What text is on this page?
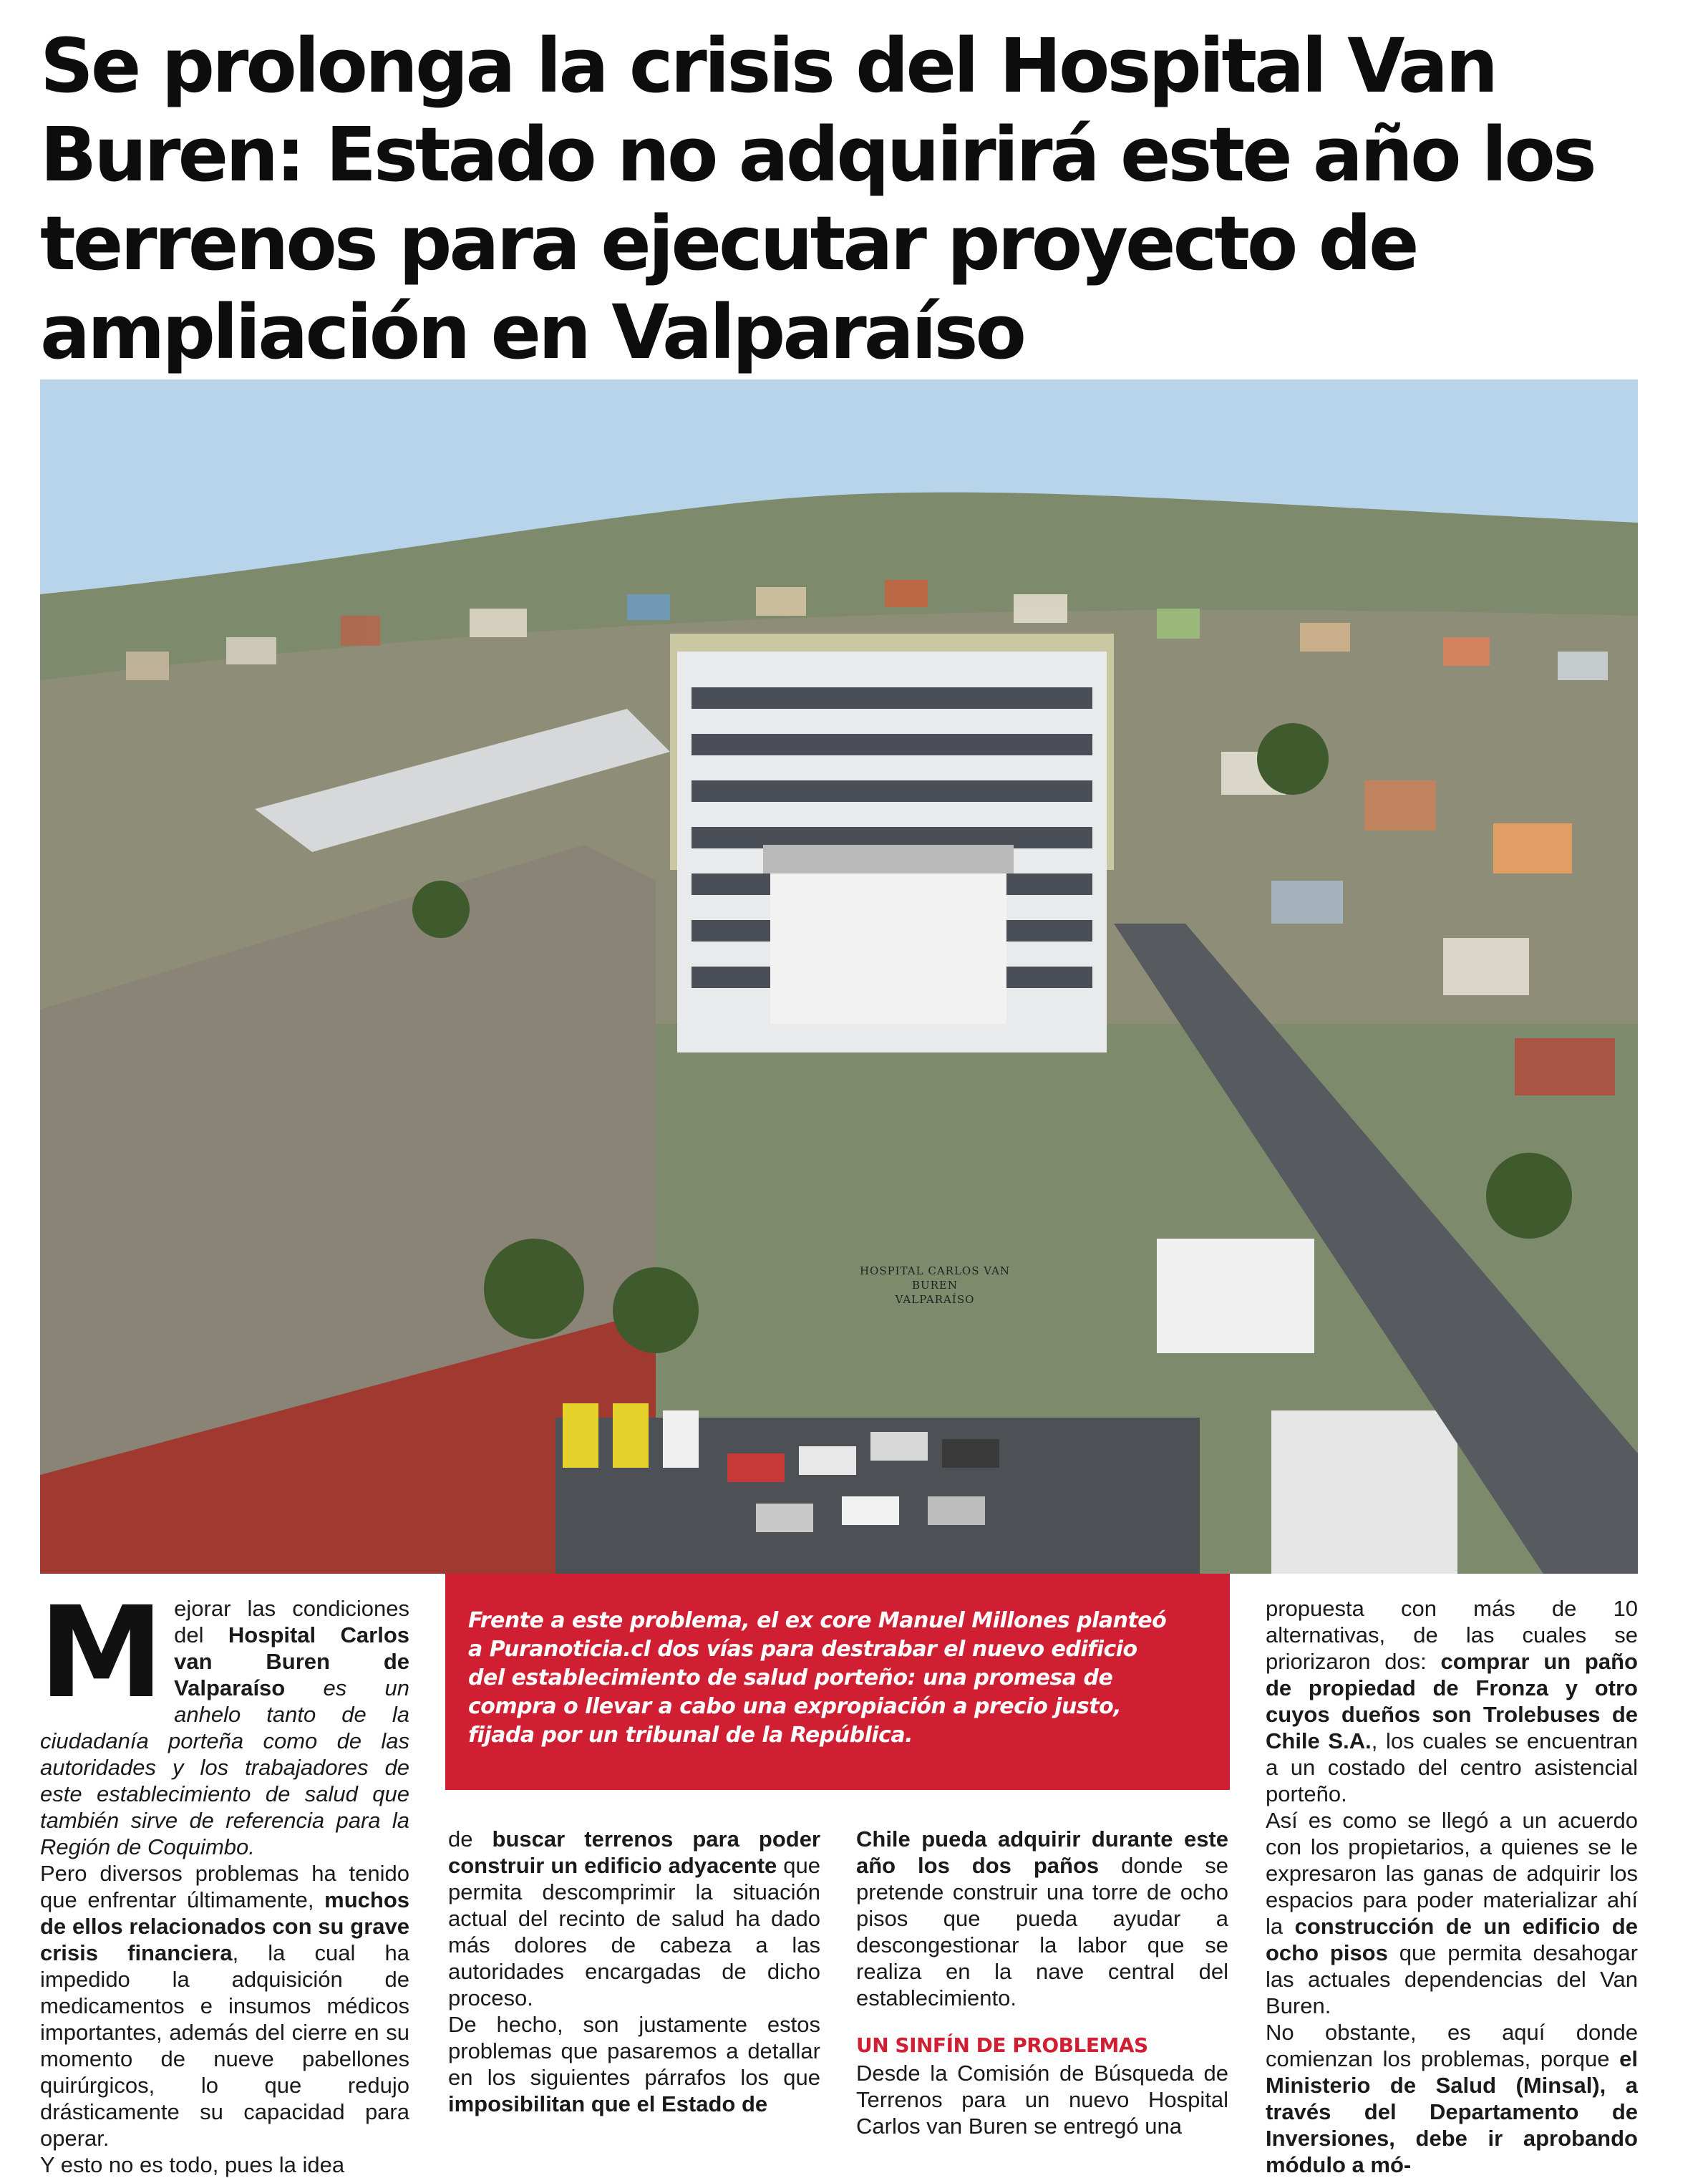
Se prolonga la crisis del Hospital Van Buren: Estado no adquirirá este año los terrenos para ejecutar proyecto de ampliación en Valparaíso
HOSPITAL CARLOS VAN BUREN
VALPARAÍSO

Mejorar las condiciones del Hospital Carlos van Buren de Valparaíso es un anhelo tanto de la ciudadanía porteña como de las autoridades y los trabajadores de este establecimiento de salud que también sirve de referencia para la Región de Coquimbo.

Pero diversos problemas ha tenido que enfrentar últimamente, muchos de ellos relacionados con su grave crisis financiera, la cual ha impedido la adquisición de medicamentos e insumos médicos importantes, además del cierre en su momento de nueve pabellones quirúrgicos, lo que redujo drásticamente su capacidad para operar.

Y esto no es todo, pues la idea

Frente a este problema, el ex core Manuel Millones planteó a Puranoticia.cl dos vías para destrabar el nuevo edificio del establecimiento de salud porteño: una promesa de compra o llevar a cabo una expropiación a precio justo, fijada por un tribunal de la República.

de buscar terrenos para poder construir un edificio adyacente que permita descomprimir la situación actual del recinto de salud ha dado más dolores de cabeza a las autoridades encargadas de dicho proceso.

De hecho, son justamente estos problemas que pasaremos a detallar en los siguientes párrafos los que imposibilitan que el Estado de

Chile pueda adquirir durante este año los dos paños donde se pretende construir una torre de ocho pisos que pueda ayudar a descongestionar la labor que se realiza en la nave central del establecimiento.

UN SINFÍN DE PROBLEMAS

Desde la Comisión de Búsqueda de Terrenos para un nuevo Hospital Carlos van Buren se entregó una

propuesta con más de 10 alternativas, de las cuales se priorizaron dos: comprar un paño de propiedad de Fronza y otro cuyos dueños son Trolebuses de Chile S.A., los cuales se encuentran a un costado del centro asistencial porteño.

Así es como se llegó a un acuerdo con los propietarios, a quienes se le expresaron las ganas de adquirir los espacios para poder materializar ahí la construcción de un edificio de ocho pisos que permita desahogar las actuales dependencias del Van Buren.

No obstante, es aquí donde comienzan los problemas, porque el Ministerio de Salud (Minsal), a través del Departamento de Inversiones, debe ir aprobando módulo a mó-
